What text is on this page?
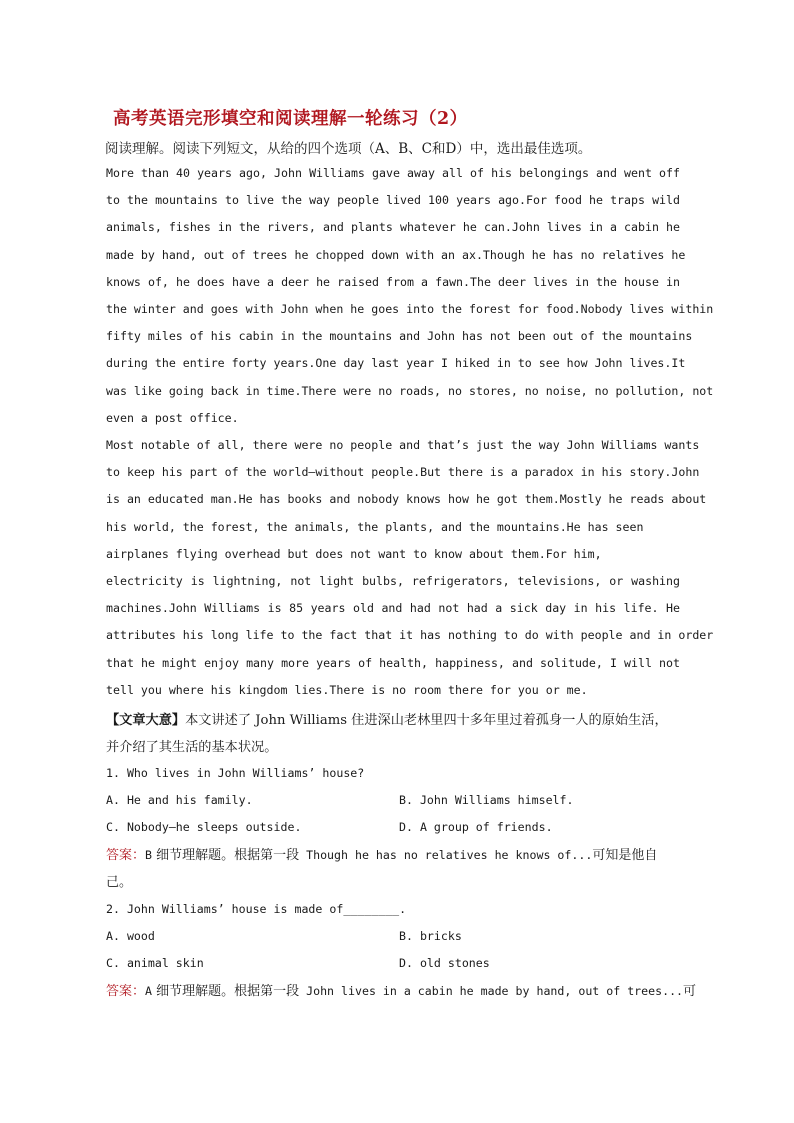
高考英语完形填空和阅读理解一轮练习（2）
阅读理解。阅读下列短文，从给的四个选项（A、B、C和D）中，选出最佳选项。
More than 40 years ago, John Williams gave away all of his belongings and went off
to the mountains to live the way people lived 100 years ago.For food he traps wild
animals, fishes in the rivers, and plants whatever he can.John lives in a cabin he
made by hand, out of trees he chopped down with an ax.Though he has no relatives he
knows of, he does have a deer he raised from a fawn.The deer lives in the house in
the winter and goes with John when he goes into the forest for food.Nobody lives within
fifty miles of his cabin in the mountains and John has not been out of the mountains
during the entire forty years.One day last year I hiked in to see how John lives.It
was like going back in time.There were no roads, no stores, no noise, no pollution, not
even a post office.
Most notable of all, there were no people and that’s just the way John Williams wants
to keep his part of the world—without people.But there is a paradox in his story.John
is an educated man.He has books and nobody knows how he got them.Mostly he reads about
his world, the forest, the animals, the plants, and the mountains.He has seen
airplanes flying overhead but does not want to know about them.For him,
electricity is lightning, not light bulbs, refrigerators, televisions, or washing
machines.John Williams is 85 years old and had not had a sick day in his life. He
attributes his long life to the fact that it has nothing to do with people and in order
that he might enjoy many more years of health, happiness, and solitude, I will not
tell you where his kingdom lies.There is no room there for you or me.
【文章大意】本文讲述了 John Williams 住进深山老林里四十多年里过着孤身一人的原始生活，
并介绍了其生活的基本状况。
1. Who lives in John Williams’ house?
A. He and his family.	B. John Williams himself.
C. Nobody—he sleeps outside.	D. A group of friends.
答案：B 细节理解题。根据第一段 Though he has no relatives he knows of...可知是他自
己。
2. John Williams’ house is made of________.
A. wood	B. bricks
C. animal skin	D. old stones
答案：A 细节理解题。根据第一段 John lives in a cabin he made by hand, out of trees...可
